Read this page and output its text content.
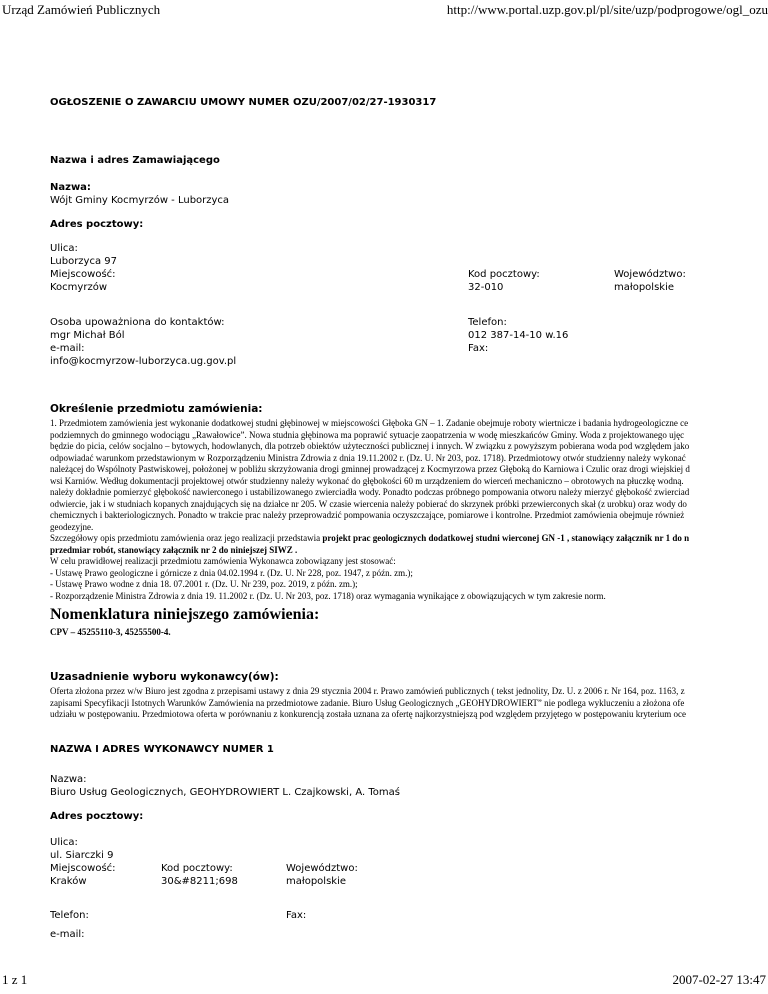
Urząd Zamówień Publicznych	http://www.portal.uzp.gov.pl/pl/site/uzp/podprogowe/ogl_ozu
OGŁOSZENIE O ZAWARCIU UMOWY NUMER OZU/2007/02/27-1930317
Nazwa i adres Zamawiającego
Nazwa:
Wójt Gminy Kocmyrzów - Luborzyca
Adres pocztowy:
Ulica:
Luborzyca 97
Miejscowość:
Kocmyrzów
Kod pocztowy:
32-010
Województwo:
małopolskie
Osoba upoważniona do kontaktów:
mgr Michał Ból
e-mail:
info@kocmyrzow-luborzyca.ug.gov.pl
Telefon:
012 387-14-10 w.16
Fax:
Określenie przedmiotu zamówienia:
1. Przedmiotem zamówienia jest wykonanie dodatkowej studni głębinowej w miejscowości Głęboka GN – 1. Zadanie obejmuje roboty wiertnicze i badania hydrogeologiczne ce
podziemnych do gminnego wodociągu „Rawałowice”. Nowa studnia głębinowa ma poprawić sytuacje zaopatrzenia w wodę mieszkańców Gminy. Woda z projektowanego ujęc
będzie do picia, celów socjalno – bytowych, hodowlanych, dla potrzeb obiektów użyteczności publicznej i innych. W związku z powyższym pobierana woda pod względem jako
odpowiadać warunkom przedstawionym w Rozporządzeniu Ministra Zdrowia z dnia 19.11.2002 r. (Dz. U. Nr 203, poz. 1718). Przedmiotowy otwór studzienny należy wykonać
należącej do Wspólnoty Pastwiskowej, położonej w pobliżu skrzyżowania drogi gminnej prowadzącej z Kocmyrzowa przez Głęboką do Karniowa i Czulic oraz drogi wiejskiej d
wsi Karniów. Według dokumentacji projektowej otwór studzienny należy wykonać do głębokości 60 m urządzeniem do wierceń mechaniczno – obrotowych na płuczkę wodną.
należy dokładnie pomierzyć głębokość nawierconego i ustabilizowanego zwierciadła wody. Ponadto podczas próbnego pompowania otworu należy mierzyć głębokość zwierciad
odwiercie, jak i w studniach kopanych znajdujących się na działce nr 205. W czasie wiercenia należy pobierać do skrzynek próbki przewierconych skał (z urobku) oraz wody do
chemicznych i bakteriologicznych. Ponadto w trakcie prac należy przeprowadzić pompowania oczyszczające, pomiarowe i kontrolne. Przedmiot zamówienia obejmuje również
geodezyjne.
Szczegółowy opis przedmiotu zamówienia oraz jego realizacji przedstawia projekt prac geologicznych dodatkowej studni wierconej GN -1 , stanowiący załącznik nr 1 do n
przedmiar robót, stanowiący załącznik nr 2 do niniejszej SIWZ .
W celu prawidłowej realizacji przedmiotu zamówienia Wykonawca zobowiązany jest stosować:
- Ustawę Prawo geologiczne i górnicze z dnia 04.02.1994 r. (Dz. U. Nr 228, poz. 1947, z późn. zm.);
- Ustawę Prawo wodne z dnia 18. 07.2001 r. (Dz. U. Nr 239, poz. 2019, z późn. zm.);
- Rozporządzenie Ministra Zdrowia z dnia 19. 11.2002 r. (Dz. U. Nr 203, poz. 1718) oraz wymagania wynikające z obowiązujących w tym zakresie norm.
Nomenklatura niniejszego zamówienia:
CPV – 45255110-3, 45255500-4.
Uzasadnienie wyboru wykonawcy(ów):
Oferta złożona przez w/w Biuro jest zgodna z przepisami ustawy z dnia 29 stycznia 2004 r. Prawo zamówień publicznych ( tekst jednolity, Dz. U. z 2006 r. Nr 164, poz. 1163, z
zapisami Specyfikacji Istotnych Warunków Zamówienia na przedmiotowe zadanie. Biuro Usług Geologicznych „GEOHYDROWIERT” nie podlega wykluczeniu a złożona ofe
udziału w postępowaniu. Przedmiotowa oferta w porównaniu z konkurencją została uznana za ofertę najkorzystniejszą pod względem przyjętego w postępowaniu kryterium oce
NAZWA I ADRES WYKONAWCY NUMER 1
Nazwa:
Biuro Usług Geologicznych, GEOHYDROWIERT L. Czajkowski, A. Tomaś
Adres pocztowy:
Ulica:
ul. Siarczki 9
Miejscowość:
Kraków
Kod pocztowy:
30&#8211;698
Województwo:
małopolskie
Telefon:	Fax:
e-mail:
1 z 1	2007-02-27 13:47
